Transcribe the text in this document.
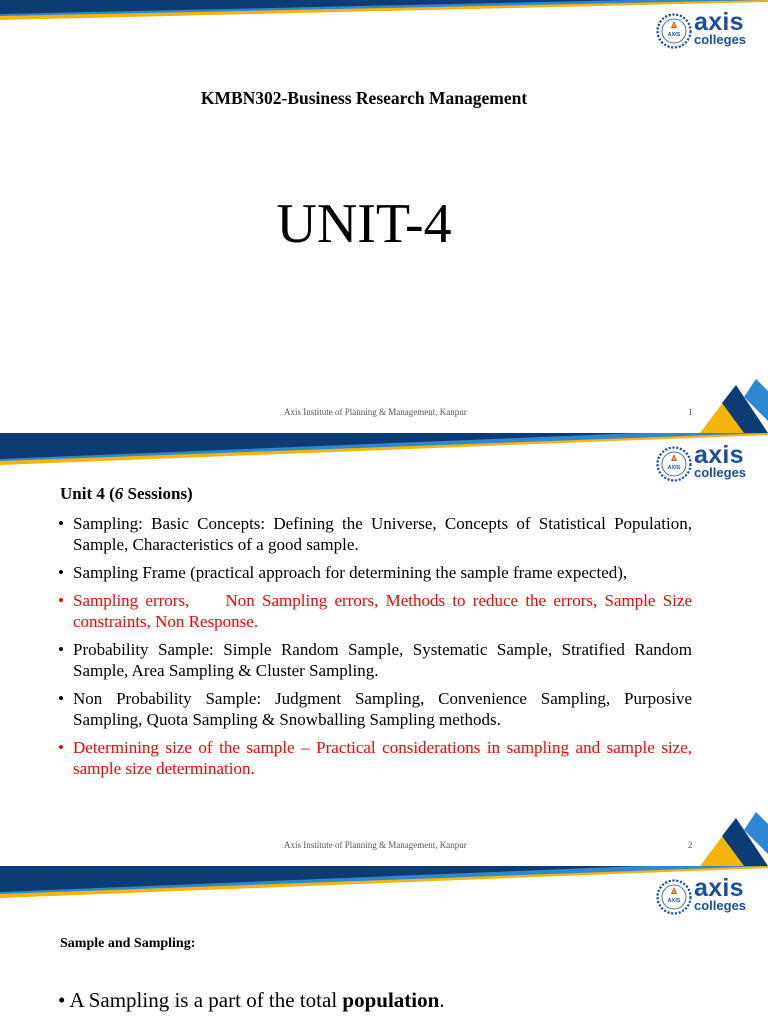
AXIS axis
colleges
KMBN302-Business Research Management
UNIT-4
Axis Institute of Planning & Management, Kanpur	1
AXIS axis
colleges
Unit 4 (6 Sessions)
• Sampling: Basic Concepts: Defining the Universe, Concepts of Statistical Population, Sample, Characteristics of a good sample.
• Sampling Frame (practical approach for determining the sample frame expected),
• Sampling errors,     Non Sampling errors, Methods to reduce the errors, Sample Size constraints, Non Response.
• Probability Sample: Simple Random Sample, Systematic Sample, Stratified Random Sample, Area Sampling & Cluster Sampling.
• Non Probability Sample: Judgment Sampling, Convenience Sampling, Purposive Sampling, Quota Sampling & Snowballing Sampling methods.
• Determining size of the sample – Practical considerations in sampling and sample size, sample size determination.
Axis Institute of Planning & Management, Kanpur	2
AXIS axis
colleges
Sample and Sampling:
• A Sampling is a part of the total population.
